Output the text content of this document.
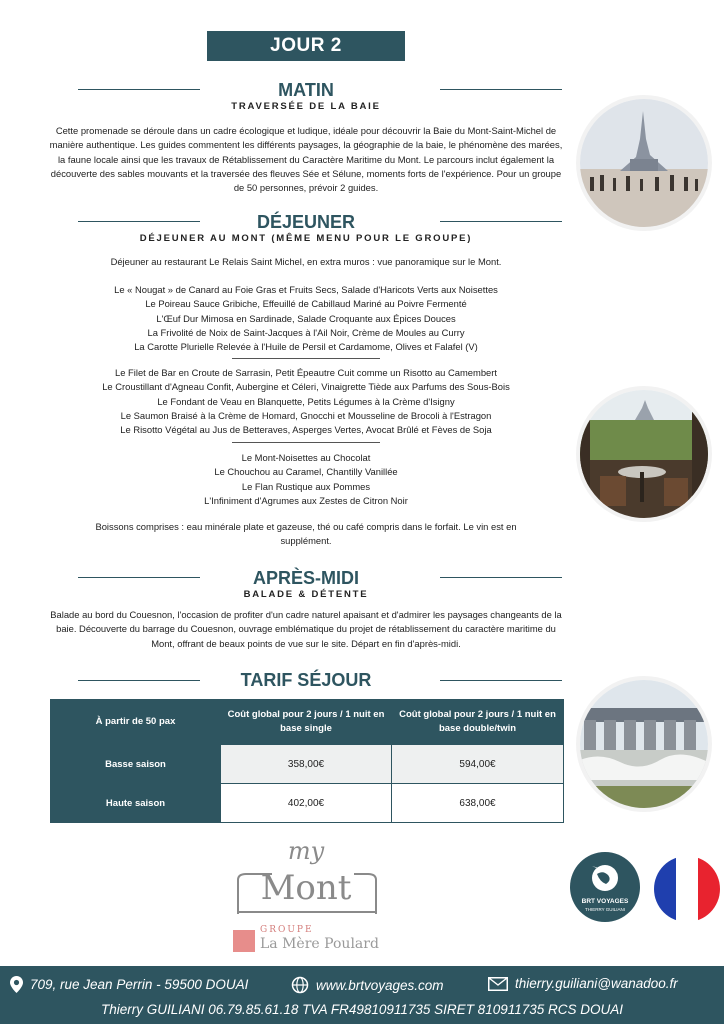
JOUR 2
MATIN
TRAVERSÉE DE LA BAIE
Cette promenade se déroule dans un cadre écologique et ludique, idéale pour découvrir la Baie du Mont-Saint-Michel de manière authentique. Les guides commentent les différents paysages, la géographie de la baie, le phénomène des marées, la faune locale ainsi que les travaux de Rétablissement du Caractère Maritime du Mont. Le parcours inclut également la découverte des sables mouvants et la traversée des fleuves Sée et Sélune, moments forts de l'expérience. Pour un groupe de 50 personnes, prévoir 2 guides.
DÉJEUNER
DÉJEUNER AU MONT (MÊME MENU POUR LE GROUPE)
Déjeuner au restaurant Le Relais Saint Michel, en extra muros : vue panoramique sur le Mont.
Le « Nougat » de Canard au Foie Gras et Fruits Secs, Salade d'Haricots Verts aux Noisettes
Le Poireau Sauce Gribiche, Effeuillé de Cabillaud Mariné au Poivre Fermenté
L'Œuf Dur Mimosa en Sardinade, Salade Croquante aux Épices Douces
La Frivolité de Noix de Saint-Jacques à l'Ail Noir, Crème de Moules au Curry
La Carotte Plurielle Relevée à l'Huile de Persil et Cardamome, Olives et Falafel (V)
Le Filet de Bar en Croute de Sarrasin, Petit Épeautre Cuit comme un Risotto au Camembert
Le Croustillant d'Agneau Confit, Aubergine et Céleri, Vinaigrette Tiède aux Parfums des Sous-Bois
Le Fondant de Veau en Blanquette, Petits Légumes à la Crème d'Isigny
Le Saumon Braisé à la Crème de Homard, Gnocchi et Mousseline de Brocoli à l'Estragon
Le Risotto Végétal au Jus de Betteraves, Asperges Vertes, Avocat Brûlé et Fèves de Soja
Le Mont-Noisettes au Chocolat
Le Chouchou au Caramel, Chantilly Vanillée
Le Flan Rustique aux Pommes
L'Infiniment d'Agrumes aux Zestes de Citron Noir
Boissons comprises : eau minérale plate et gazeuse, thé ou café compris dans le forfait. Le vin est en supplément.
APRÈS-MIDI
BALADE & DÉTENTE
Balade au bord du Couesnon, l'occasion de profiter d'un cadre naturel apaisant et d'admirer les paysages changeants de la baie. Découverte du barrage du Couesnon, ouvrage emblématique du projet de rétablissement du caractère maritime du Mont, offrant de beaux points de vue sur le site. Départ en fin d'après-midi.
TARIF SÉJOUR
À partir de 50 pax	Coût global pour 2 jours / 1 nuit en base single	Coût global pour 2 jours / 1 nuit en base double/twin
Basse saison	358,00€	594,00€
Haute saison	402,00€	638,00€
my
Mont
GROUPE
La Mère Poulard
BRT VOYAGES
THIERRY GUILIANI
709, rue Jean Perrin - 59500 DOUAI	www.brtvoyages.com	thierry.guiliani@wanadoo.fr
Thierry GUILIANI 06.79.85.61.18 TVA FR49810911735 SIRET 810911735 RCS DOUAI
